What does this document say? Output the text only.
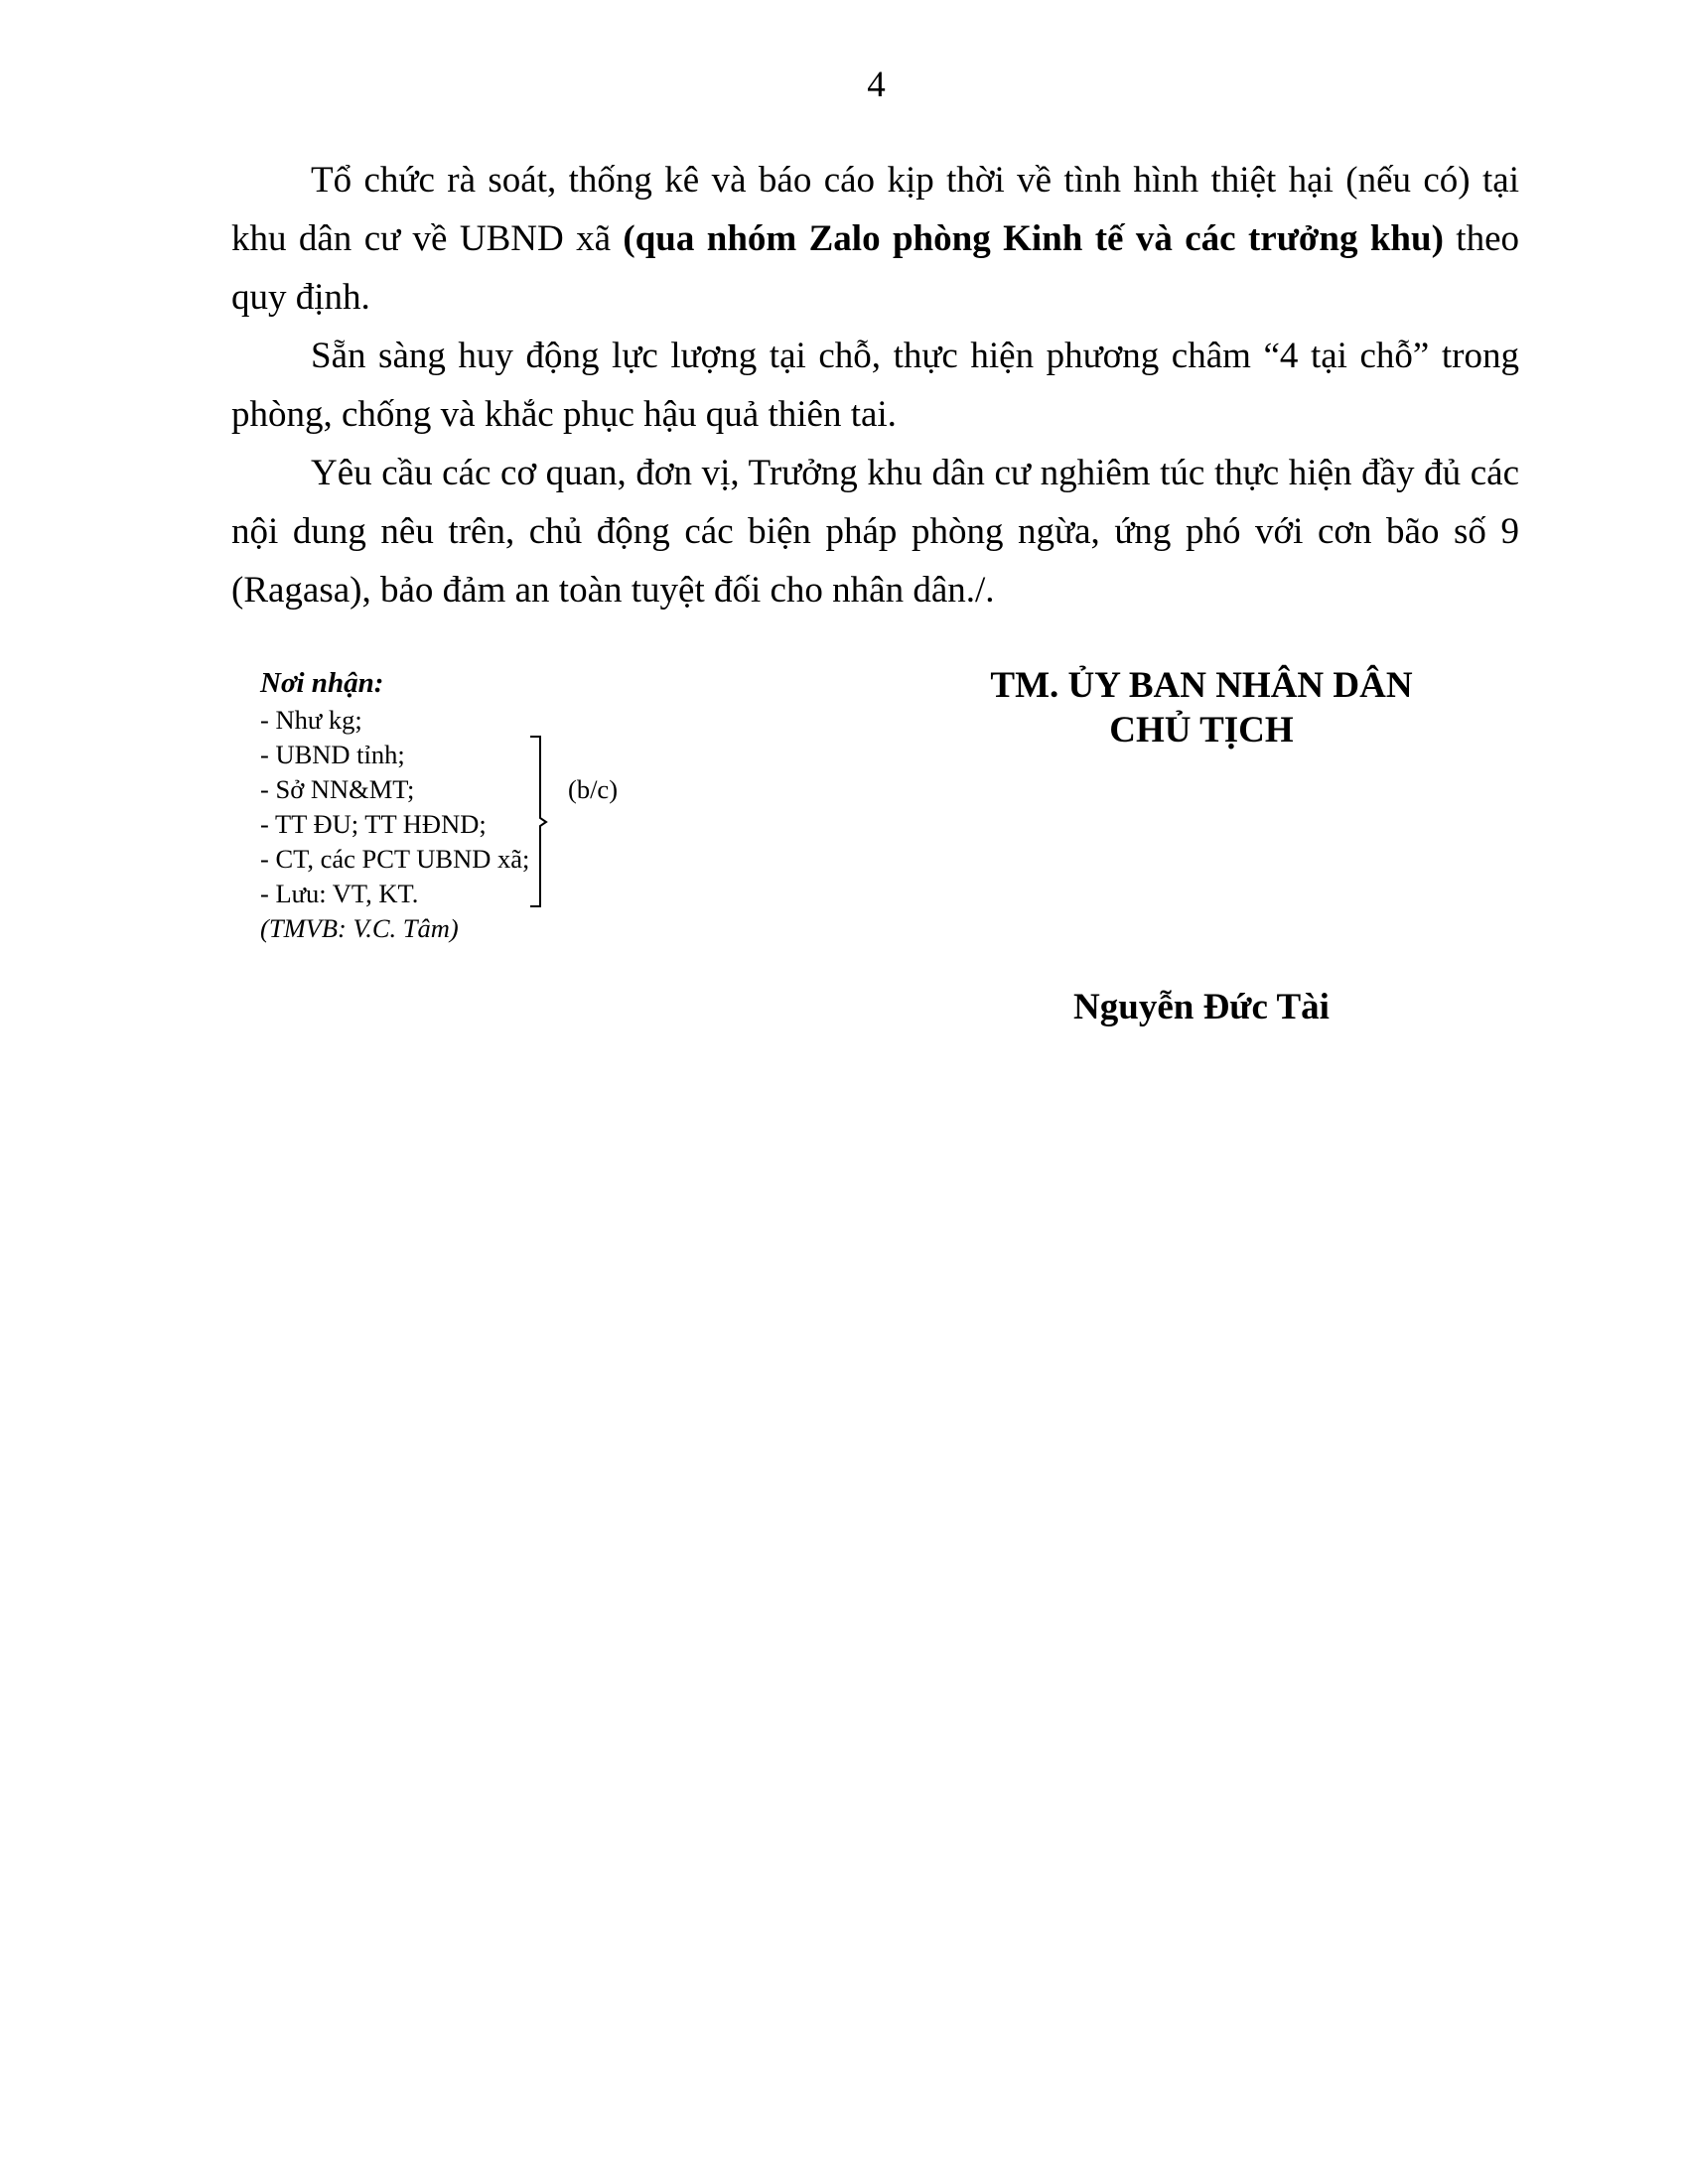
4

Tổ chức rà soát, thống kê và báo cáo kịp thời về tình hình thiệt hại (nếu có) tại khu dân cư về UBND xã (qua nhóm Zalo phòng Kinh tế và các trưởng khu) theo quy định.

Sẵn sàng huy động lực lượng tại chỗ, thực hiện phương châm “4 tại chỗ” trong phòng, chống và khắc phục hậu quả thiên tai.

Yêu cầu các cơ quan, đơn vị, Trưởng khu dân cư nghiêm túc thực hiện đầy đủ các nội dung nêu trên, chủ động các biện pháp phòng ngừa, ứng phó với cơn bão số 9 (Ragasa), bảo đảm an toàn tuyệt đối cho nhân dân./.

Nơi nhận:
- Như kg;
- UBND tỉnh;
- Sở NN&MT;
- TT ĐU; TT HĐND;
- CT, các PCT UBND xã;
- Lưu: VT, KT.
(TMVB: V.C. Tâm)
(b/c)
TM. ỦY BAN NHÂN DÂN
CHỦ TỊCH
Nguyễn Đức Tài
